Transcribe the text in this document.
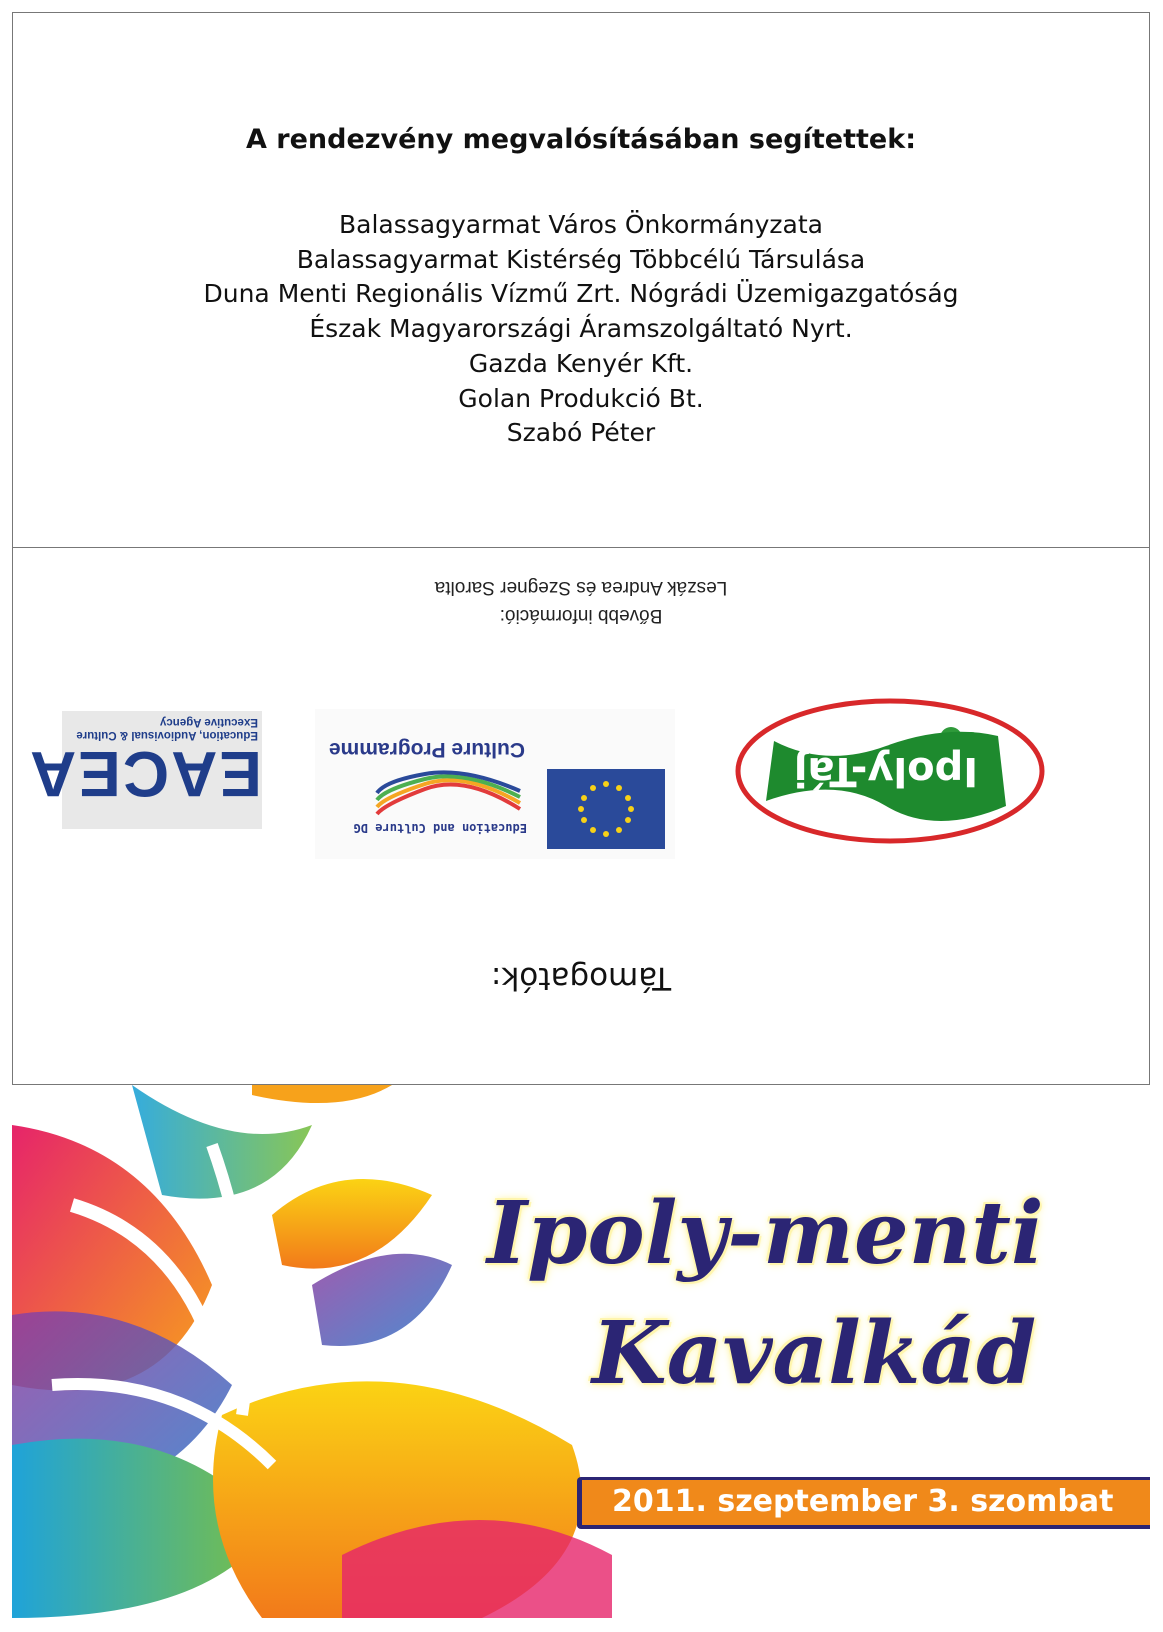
A rendezvény megvalósításában segítettek:
Balassagyarmat Város Önkormányzata
Balassagyarmat Kistérség Többcélú Társulása
Duna Menti Regionális Vízmű Zrt. Nógrádi Üzemigazgatóság
Észak Magyarországi Áramszolgáltató Nyrt.
Gazda Kenyér Kft.
Golan Produkció Bt.
Szabó Péter
Támogatók:
Ipoly-Táj
Education and Culture DG
Culture Programme
EACEA
Education, Audiovisual & Culture
Executive Agency
Bővebb információ:
Leszák Andrea és Szegner Sarolta
Ipoly-menti
Kavalkád
2011. szeptember 3. szombat
